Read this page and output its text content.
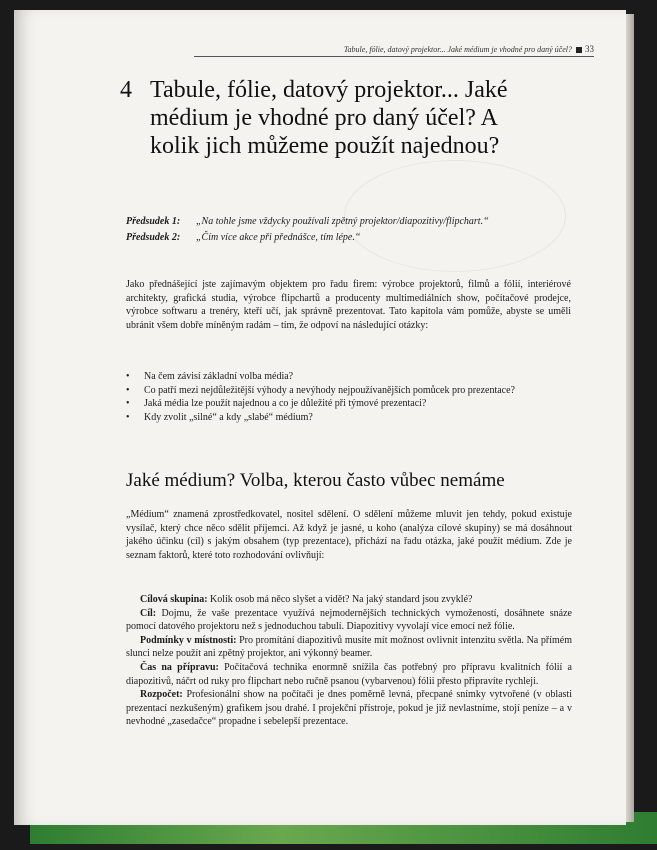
Tabule, fólie, datový projektor... Jaké médium je vhodné pro daný účel? 33
4 Tabule, fólie, datový projektor... Jaké médium je vhodné pro daný účel? A kolik jich můžeme použít najednou?
Předsudek 1: „Na tohle jsme vždycky používali zpětný projektor/diapozitivy/flipchart.“
Předsudek 2: „Čím více akce při přednášce, tím lépe.“
Jako přednášející jste zajímavým objektem pro řadu firem: výrobce projektorů, filmů a fólií, interiérové architekty, grafická studia, výrobce flipchartů a producenty multimediálních show, počítačové prodejce, výrobce softwaru a trenéry, kteří učí, jak správně prezentovat. Tato kapitola vám pomůže, abyste se uměli ubránit všem dobře míněným radám – tím, že odpoví na následující otázky:
• Na čem závisí základní volba média?
• Co patří mezi nejdůležitější výhody a nevýhody nejpoužívanějších pomůcek pro prezentace?
• Jaká média lze použít najednou a co je důležité při týmové prezentaci?
• Kdy zvolit „silné“ a kdy „slabé“ médium?
Jaké médium? Volba, kterou často vůbec nemáme
„Médium“ znamená zprostředkovatel, nositel sdělení. O sdělení můžeme mluvit jen tehdy, pokud existuje vysílač, který chce něco sdělit příjemci. Až když je jasné, u koho (analýza cílové skupiny) se má dosáhnout jakého účinku (cíl) s jakým obsahem (typ prezentace), přichází na řadu otázka, jaké použít médium. Zde je seznam faktorů, které toto rozhodování ovlivňují:

Cílová skupina: Kolik osob má něco slyšet a vidět? Na jaký standard jsou zvyklé?

Cíl: Dojmu, že vaše prezentace využívá nejmodernějších technických vymožeností, dosáhnete snáze pomocí datového projektoru než s jednoduchou tabulí. Diapozitivy vyvolají více emocí než fólie.

Podmínky v místnosti: Pro promítání diapozitivů musíte mít možnost ovlivnit intenzitu světla. Na přímém slunci nelze použít ani zpětný projektor, ani výkonný beamer.

Čas na přípravu: Počítačová technika enormně snížila čas potřebný pro přípravu kvalitních fólií a diapozitivů, náčrt od ruky pro flipchart nebo ručně psanou (vybarvenou) fólii přesto připravíte rychleji.

Rozpočet: Profesionální show na počítači je dnes poměrně levná, přecpané snímky vytvořené (v oblasti prezentací nezkušeným) grafikem jsou drahé. I projekční přístroje, pokud je již nevlastníme, stojí peníze – a v nevhodné „zasedačce“ propadne i sebelepší prezentace.
